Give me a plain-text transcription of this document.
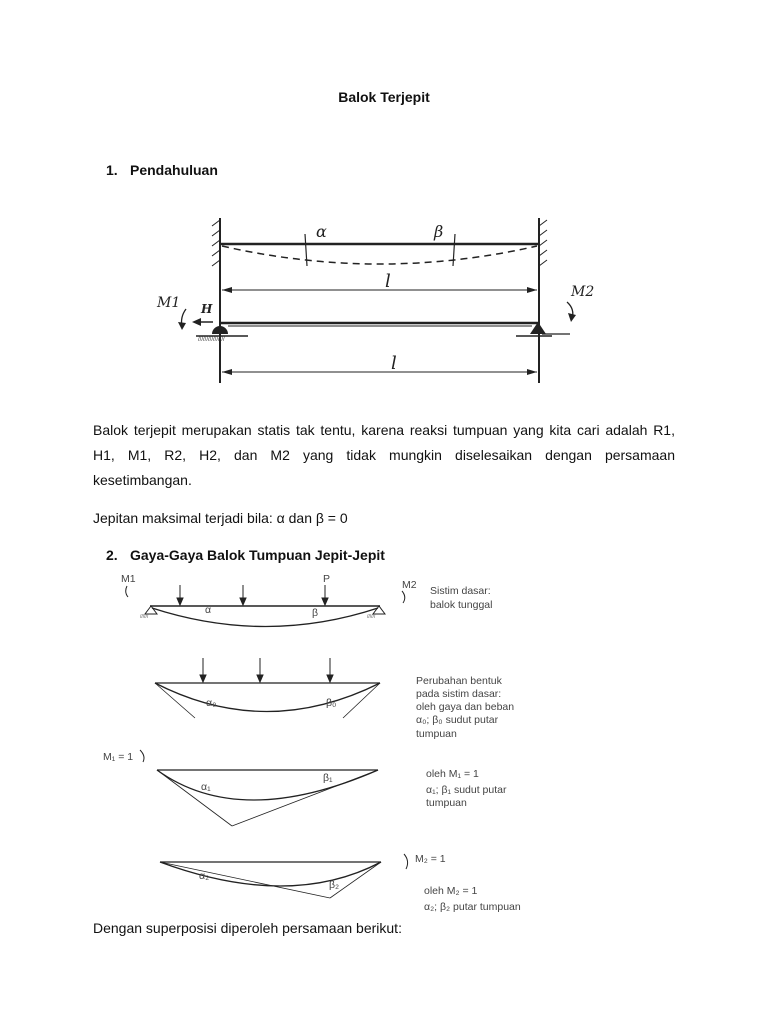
Balok Terjepit
1. Pendahuluan
α	β
l
////////////////
H
M1
M2
l
Balok terjepit merupakan statis tak tentu, karena reaksi tumpuan yang kita cari adalah R1, H1, M1, R2, H2, dan M2 yang tidak mungkin diselesaikan dengan persamaan kesetimbangan.
Jepitan maksimal terjadi bila: α dan β = 0
2. Gaya-Gaya Balok Tumpuan Jepit-Jepit
M1	M2
P
//////	//////
α	β
Sistim dasar:
balok tunggal
α₀	β₀
Perubahan bentuk
pada sistim dasar:
oleh gaya dan beban
α₀; β₀ sudut putar
tumpuan
M₁ = 1
α₁
β₁	oleh M₁ = 1
α₁; β₁ sudut putar
tumpuan
M₂ = 1
α₂
β₂	oleh M₂ = 1
α₂; β₂ putar tumpuan
Dengan superposisi diperoleh persamaan berikut:
